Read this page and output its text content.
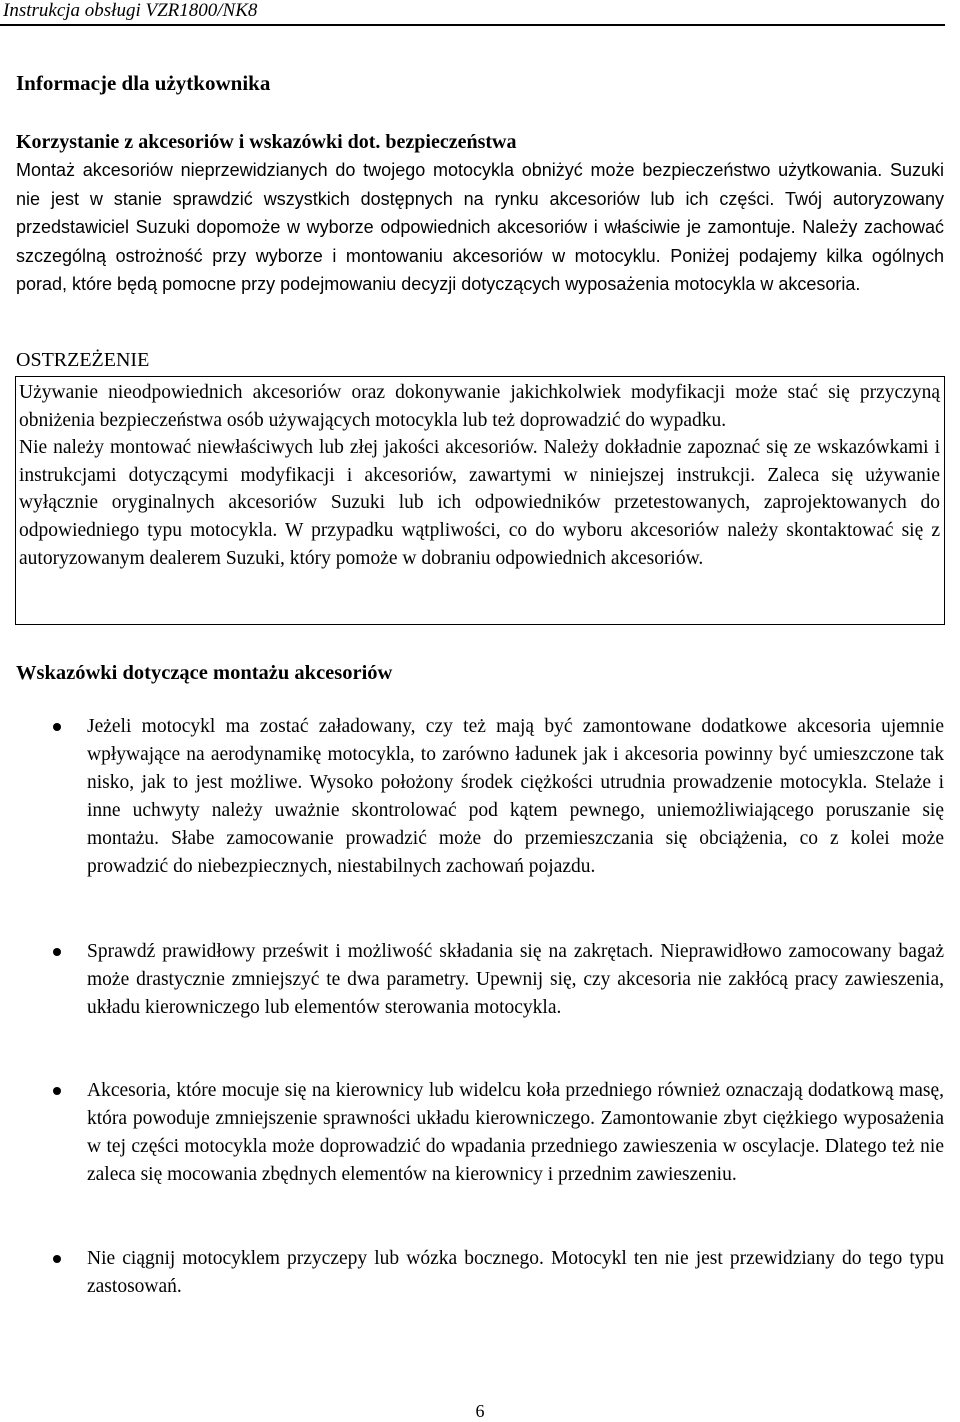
Instrukcja obsługi VZR1800/NK8
Informacje dla użytkownika
Korzystanie z akcesoriów i wskazówki dot. bezpieczeństwa
Montaż akcesoriów nieprzewidzianych do twojego motocykla obniżyć może bezpieczeństwo użytkowania. Suzuki nie jest w stanie sprawdzić wszystkich dostępnych na rynku akcesoriów lub ich części. Twój autoryzowany przedstawiciel Suzuki dopomoże w wyborze odpowiednich akcesoriów i właściwie je zamontuje. Należy zachować szczególną ostrożność przy wyborze i montowaniu akcesoriów w motocyklu. Poniżej podajemy kilka ogólnych porad, które będą pomocne przy podejmowaniu decyzji dotyczących wyposażenia motocykla w akcesoria.
OSTRZEŻENIE

Używanie nieodpowiednich akcesoriów oraz dokonywanie jakichkolwiek modyfikacji może stać się przyczyną obniżenia bezpieczeństwa osób używających motocykla lub też doprowadzić do wypadku.

Nie należy montować niewłaściwych lub złej jakości akcesoriów. Należy dokładnie zapoznać się ze wskazówkami i instrukcjami dotyczącymi modyfikacji i akcesoriów, zawartymi w niniejszej instrukcji. Zaleca się używanie wyłącznie oryginalnych akcesoriów Suzuki lub ich odpowiedników przetestowanych, zaprojektowanych do odpowiedniego typu motocykla. W przypadku wątpliwości, co do wyboru akcesoriów należy skontaktować się z autoryzowanym dealerem Suzuki, który pomoże w dobraniu odpowiednich akcesoriów.

Wskazówki dotyczące montażu akcesoriów
Jeżeli motocykl ma zostać załadowany, czy też mają być zamontowane dodatkowe akcesoria ujemnie wpływające na aerodynamikę motocykla, to zarówno ładunek jak i akcesoria powinny być umieszczone tak nisko, jak to jest możliwe. Wysoko położony środek ciężkości utrudnia prowadzenie motocykla. Stelaże i inne uchwyty należy uważnie skontrolować pod kątem pewnego, uniemożliwiającego poruszanie się montażu. Słabe zamocowanie prowadzić może do przemieszczania się obciążenia, co z kolei może prowadzić do niebezpiecznych, niestabilnych zachowań pojazdu.
Sprawdź prawidłowy prześwit i możliwość składania się na zakrętach. Nieprawidłowo zamocowany bagaż może drastycznie zmniejszyć te dwa parametry. Upewnij się, czy akcesoria nie zakłócą pracy zawieszenia, układu kierowniczego lub elementów sterowania motocykla.
Akcesoria, które mocuje się na kierownicy lub widelcu koła przedniego również oznaczają dodatkową masę, która powoduje zmniejszenie sprawności układu kierowniczego. Zamontowanie zbyt ciężkiego wyposażenia w tej części motocykla może doprowadzić do wpadania przedniego zawieszenia w oscylacje. Dlatego też nie zaleca się mocowania zbędnych elementów na kierownicy i przednim zawieszeniu.
Nie ciągnij motocyklem przyczepy lub wózka bocznego. Motocykl ten nie jest przewidziany do tego typu zastosowań.
6
